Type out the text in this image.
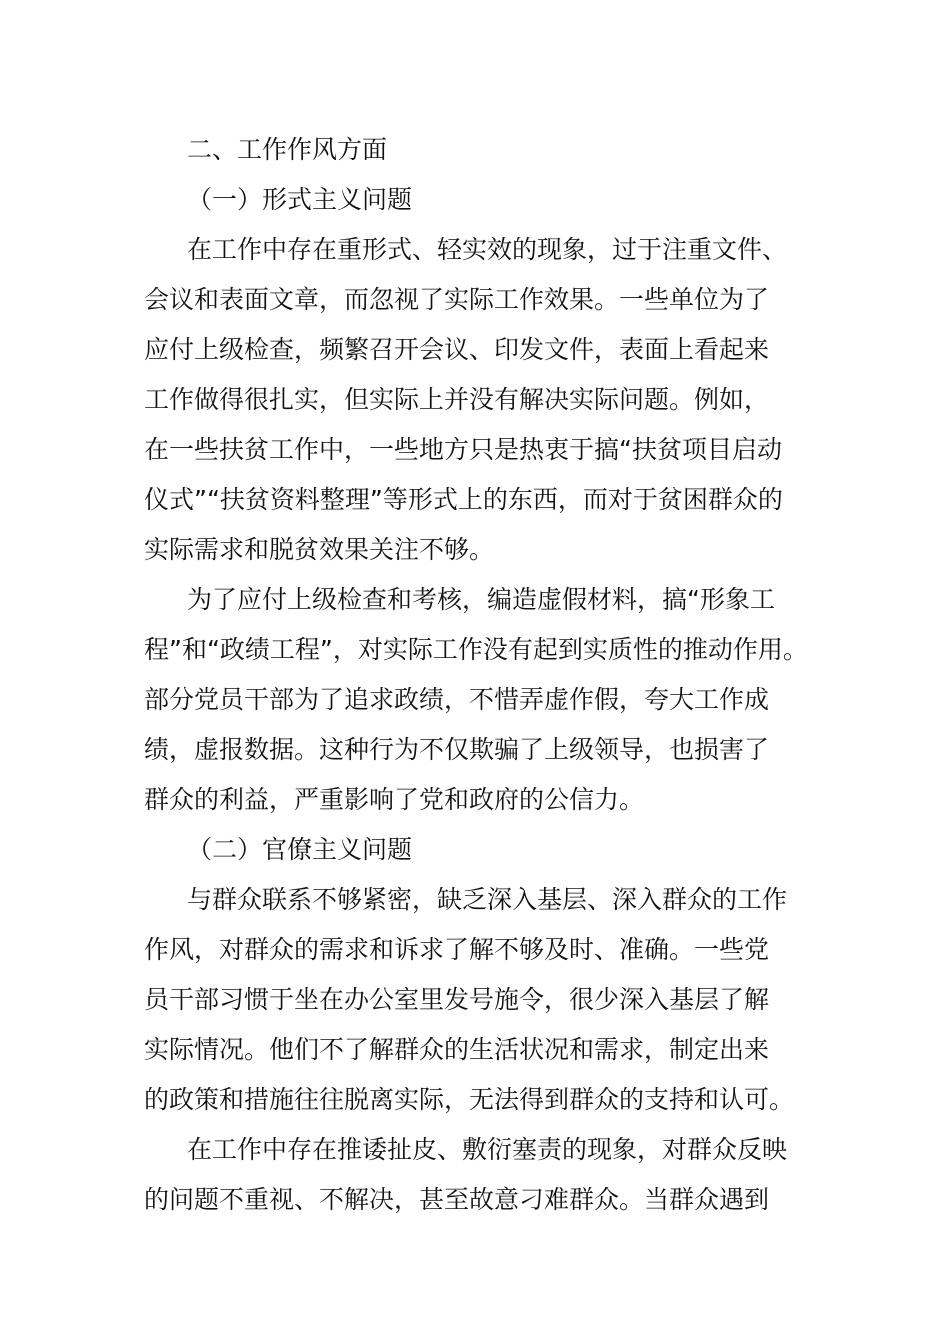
二、工作作风方面
（一）形式主义问题
在工作中存在重形式、轻实效的现象，过于注重文件、
会议和表面文章，而忽视了实际工作效果。一些单位为了
应付上级检查，频繁召开会议、印发文件，表面上看起来
工作做得很扎实，但实际上并没有解决实际问题。例如，
在一些扶贫工作中，一些地方只是热衷于搞“扶贫项目启动
仪式”“扶贫资料整理”等形式上的东西，而对于贫困群众的
实际需求和脱贫效果关注不够。
为了应付上级检查和考核，编造虚假材料，搞“形象工
程”和“政绩工程”，对实际工作没有起到实质性的推动作用。
部分党员干部为了追求政绩，不惜弄虚作假，夸大工作成
绩，虚报数据。这种行为不仅欺骗了上级领导，也损害了
群众的利益，严重影响了党和政府的公信力。
（二）官僚主义问题
与群众联系不够紧密，缺乏深入基层、深入群众的工作
作风，对群众的需求和诉求了解不够及时、准确。一些党
员干部习惯于坐在办公室里发号施令，很少深入基层了解
实际情况。他们不了解群众的生活状况和需求，制定出来
的政策和措施往往脱离实际，无法得到群众的支持和认可。
在工作中存在推诿扯皮、敷衍塞责的现象，对群众反映
的问题不重视、不解决，甚至故意刁难群众。当群众遇到
